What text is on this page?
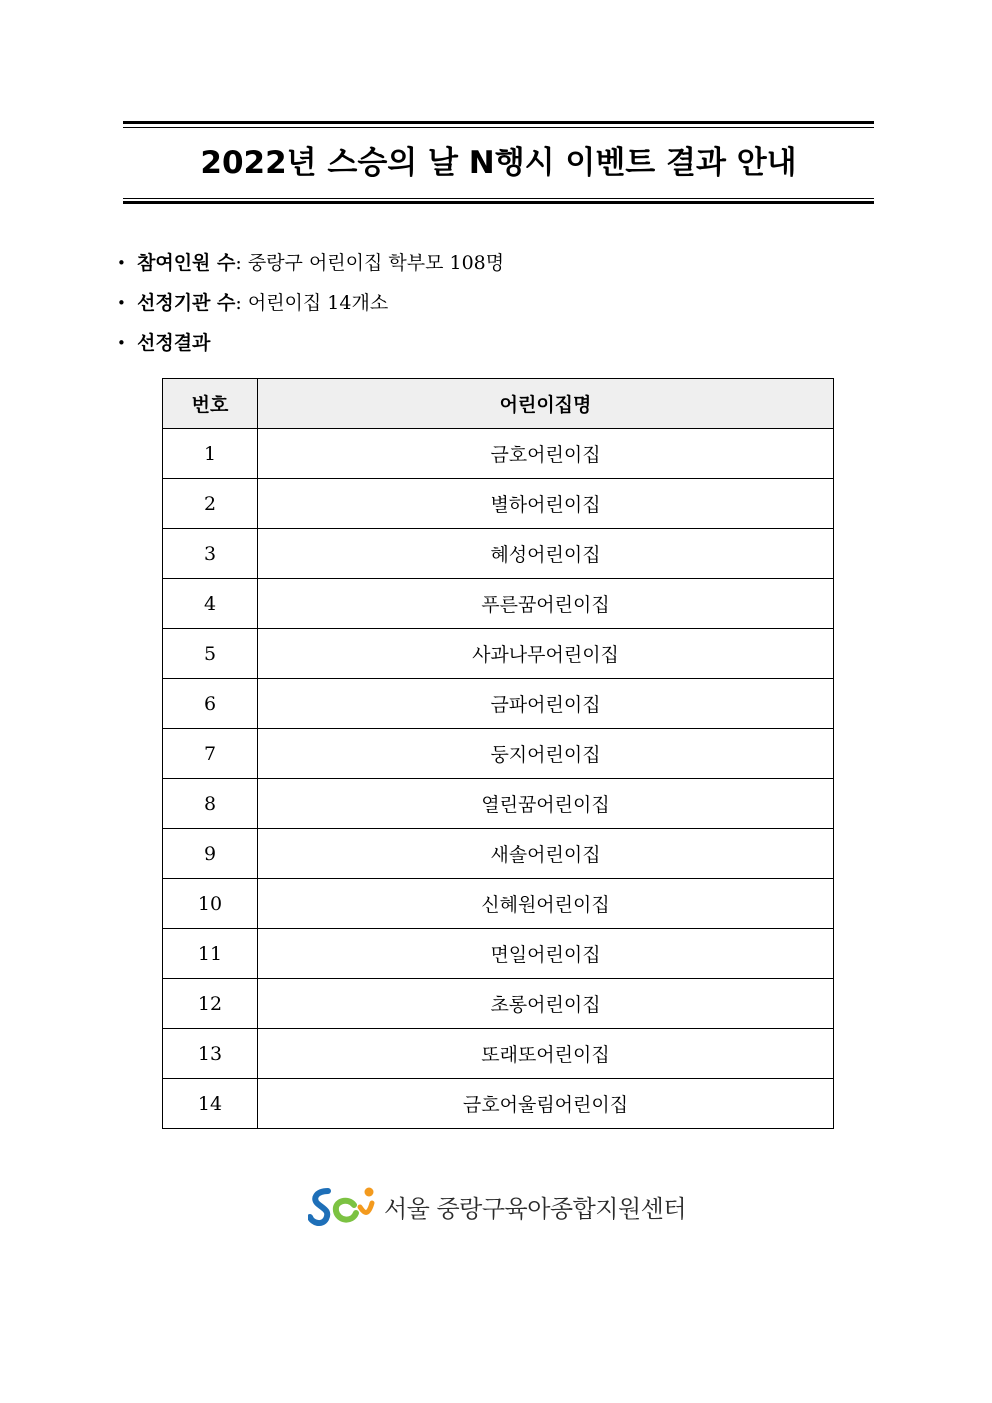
2022년 스승의 날 N행시 이벤트 결과 안내
• 참여인원 수: 중랑구 어린이집 학부모 108명
• 선정기관 수: 어린이집 14개소
• 선정결과
번호	어린이집명
1	금호어린이집
2	별하어린이집
3	혜성어린이집
4	푸른꿈어린이집
5	사과나무어린이집
6	금파어린이집
7	둥지어린이집
8	열린꿈어린이집
9	새솔어린이집
10	신혜원어린이집
11	면일어린이집
12	초롱어린이집
13	또래또어린이집
14	금호어울림어린이집
서울 중랑구육아종합지원센터
